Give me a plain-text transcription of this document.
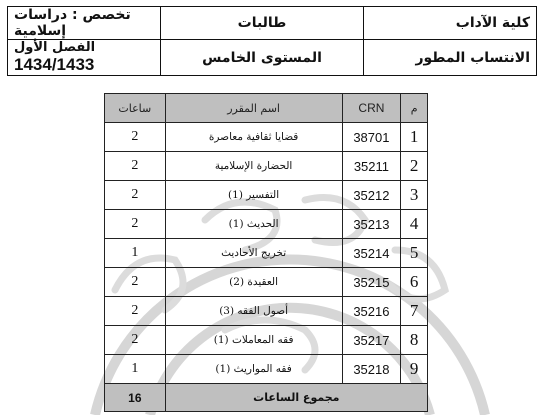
كلية الآداب	طالبات	تخصص : دراسات إسلامية
الانتساب المطور	المستوى الخامس	الفصل الأول 1434/1433
م	CRN	اسم المقرر	ساعات
1	38701	قضايا ثقافية معاصرة	2
2	35211	الحضارة الإسلامية	2
3	35212	التفسير (1)	2
4	35213	الحديث (1)	2
5	35214	تخريج الأحاديث	1
6	35215	العقيدة (2)	2
7	35216	أصول الفقه (3)	2
8	35217	فقه المعاملات (1)	2
9	35218	فقه المواريث (1)	1
مجموع الساعات			16
